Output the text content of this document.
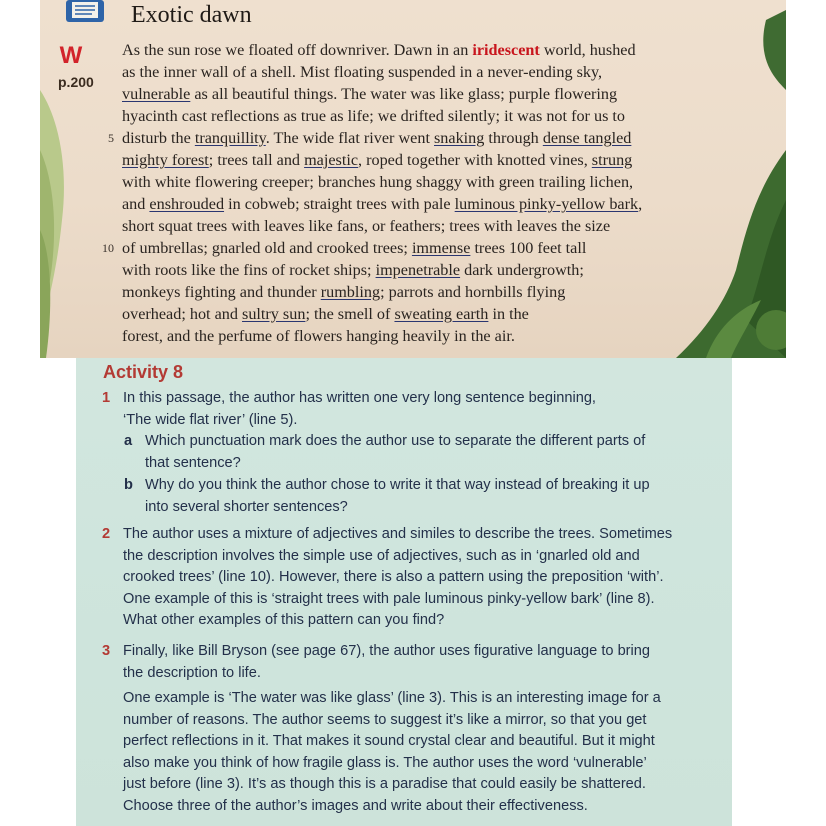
W
p.200
Exotic dawn
As the sun rose we floated off downriver. Dawn in an iridescent world, hushed
as the inner wall of a shell. Mist floating suspended in a never-ending sky,
vulnerable as all beautiful things. The water was like glass; purple flowering
hyacinth cast reflections as true as life; we drifted silently; it was not for us to
5 disturb the tranquillity. The wide flat river went snaking through dense tangled
mighty forest; trees tall and majestic, roped together with knotted vines, strung
with white flowering creeper; branches hung shaggy with green trailing lichen,
and enshrouded in cobweb; straight trees with pale luminous pinky-yellow bark,
short squat trees with leaves like fans, or feathers; trees with leaves the size
10 of umbrellas; gnarled old and crooked trees; immense trees 100 feet tall
with roots like the fins of rocket ships; impenetrable dark undergrowth;
monkeys fighting and thunder rumbling; parrots and hornbills flying
overhead; hot and sultry sun; the smell of sweating earth in the
forest, and the perfume of flowers hanging heavily in the air.
Activity 8
1 In this passage, the author has written one very long sentence beginning,
‘The wide flat river’ (line 5).
a Which punctuation mark does the author use to separate the different parts of
that sentence?
b Why do you think the author chose to write it that way instead of breaking it up
into several shorter sentences?
2 The author uses a mixture of adjectives and similes to describe the trees. Sometimes
the description involves the simple use of adjectives, such as in ‘gnarled old and
crooked trees’ (line 10). However, there is also a pattern using the preposition ‘with’.
One example of this is ‘straight trees with pale luminous pinky-yellow bark’ (line 8).
What other examples of this pattern can you find?
3 Finally, like Bill Bryson (see page 67), the author uses figurative language to bring
the description to life.
One example is ‘The water was like glass’ (line 3). This is an interesting image for a
number of reasons. The author seems to suggest it’s like a mirror, so that you get
perfect reflections in it. That makes it sound crystal clear and beautiful. But it might
also make you think of how fragile glass is. The author uses the word ‘vulnerable’
just before (line 3). It’s as though this is a paradise that could easily be shattered.
Choose three of the author’s images and write about their effectiveness.
